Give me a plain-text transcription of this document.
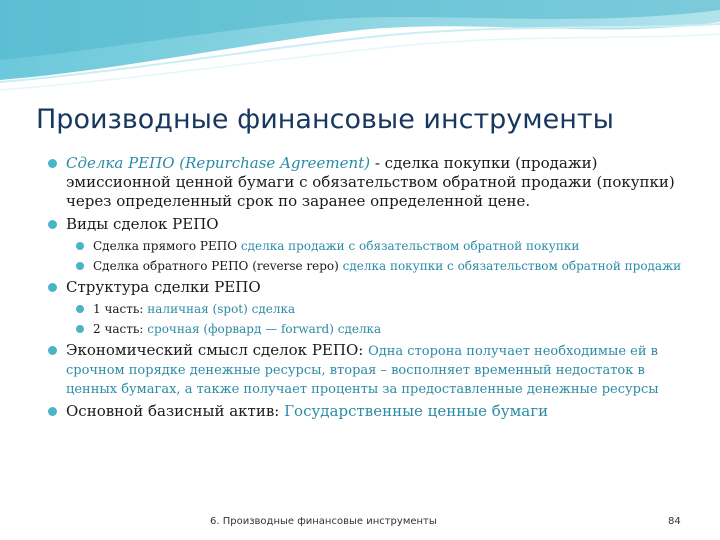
Производные финансовые инструменты
Сделка РЕПО (Repurchase Agreement) - сделка покупки (продажи) эмиссионной ценной бумаги с обязательством обратной продажи (покупки) через определенный срок по заранее определенной цене.
Виды сделок РЕПО
Сделка прямого РЕПО сделка продажи с обязательством обратной покупки
Сделка обратного РЕПО (reverse repo) сделка покупки с обязательством обратной продажи
Структура сделки РЕПО
1 часть: наличная (spot) сделка
2 часть: срочная (форвард — forward) сделка
Экономический смысл сделок РЕПО: Одна сторона получает необходимые ей в срочном порядке денежные ресурсы, вторая – восполняет временный недостаток в ценных бумагах, а также получает проценты за предоставленные денежные ресурсы
Основной базисный актив: Государственные ценные бумаги
6. Производные финансовые инструменты	84
